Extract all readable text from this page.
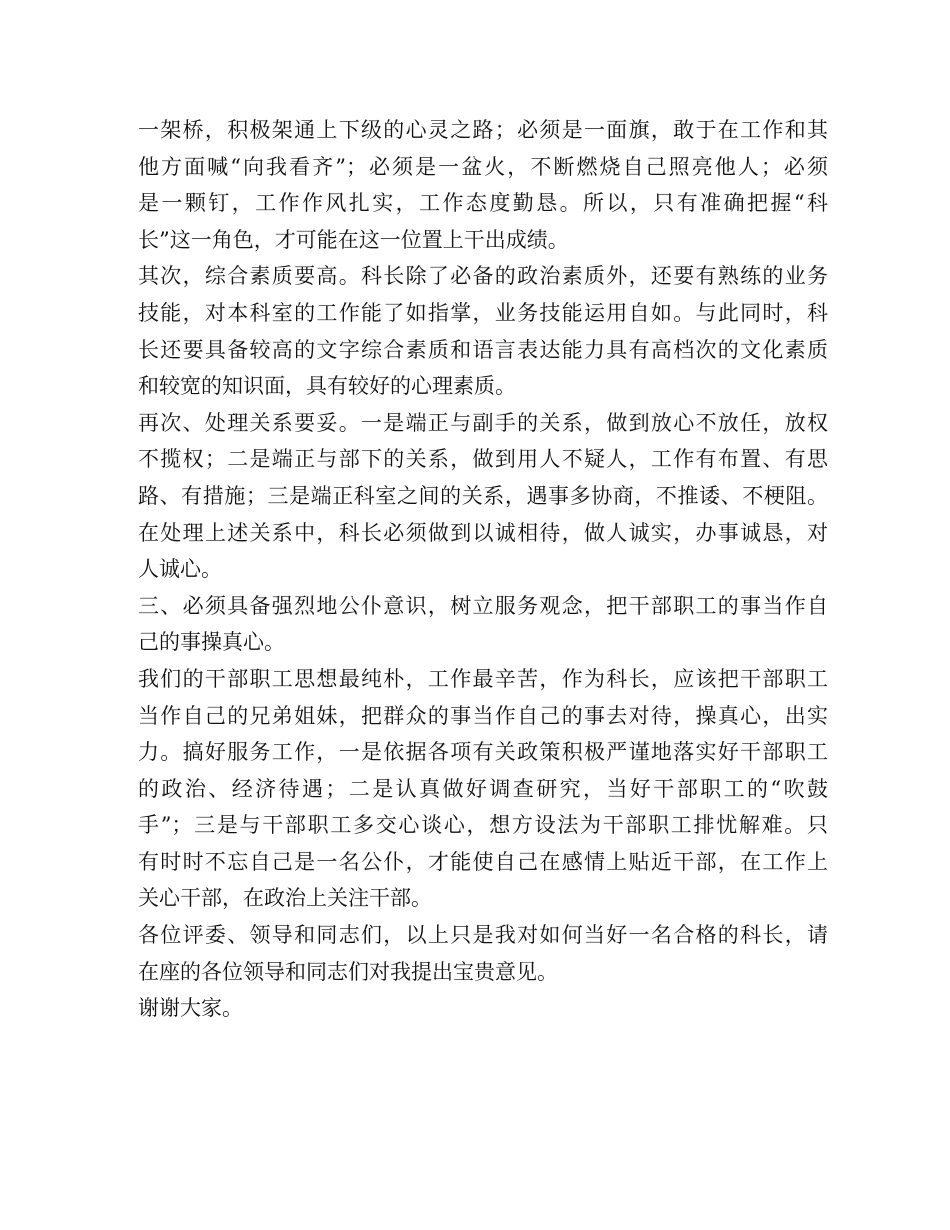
一架桥，积极架通上下级的心灵之路；必须是一面旗，敢于在工作和其
他方面喊“向我看齐”；必须是一盆火，不断燃烧自己照亮他人；必须
是一颗钉，工作作风扎实，工作态度勤恳。所以，只有准确把握“科
长”这一角色，才可能在这一位置上干出成绩。
其次，综合素质要高。科长除了必备的政治素质外，还要有熟练的业务
技能，对本科室的工作能了如指掌，业务技能运用自如。与此同时，科
长还要具备较高的文字综合素质和语言表达能力具有高档次的文化素质
和较宽的知识面，具有较好的心理素质。
再次、处理关系要妥。一是端正与副手的关系，做到放心不放任，放权
不揽权；二是端正与部下的关系，做到用人不疑人，工作有布置、有思
路、有措施；三是端正科室之间的关系，遇事多协商，不推诿、不梗阻。
在处理上述关系中，科长必须做到以诚相待，做人诚实，办事诚恳，对
人诚心。
三、必须具备强烈地公仆意识，树立服务观念，把干部职工的事当作自
己的事操真心。
我们的干部职工思想最纯朴，工作最辛苦，作为科长，应该把干部职工
当作自己的兄弟姐妹，把群众的事当作自己的事去对待，操真心，出实
力。搞好服务工作，一是依据各项有关政策积极严谨地落实好干部职工
的政治、经济待遇；二是认真做好调查研究，当好干部职工的“吹鼓
手”；三是与干部职工多交心谈心，想方设法为干部职工排忧解难。只
有时时不忘自己是一名公仆，才能使自己在感情上贴近干部，在工作上
关心干部，在政治上关注干部。
各位评委、领导和同志们，以上只是我对如何当好一名合格的科长，请
在座的各位领导和同志们对我提出宝贵意见。
谢谢大家。
